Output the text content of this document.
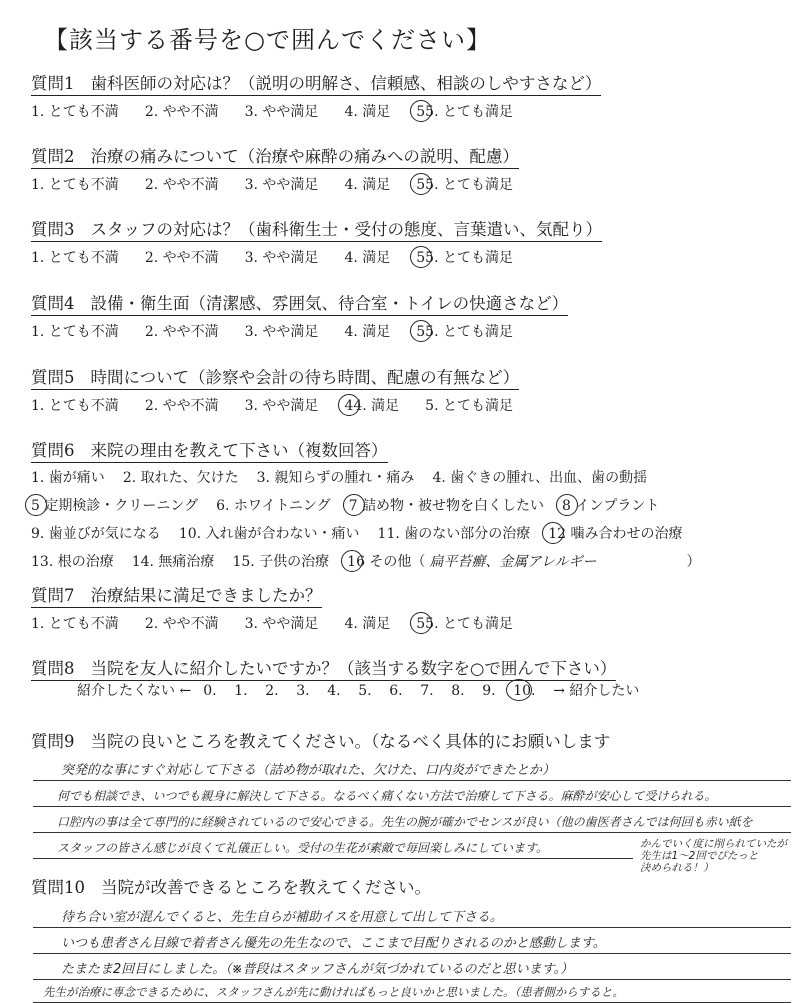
【該当する番号を○で囲んでください】
質問1 歯科医師の対応は？（説明の明解さ、信頼感、相談のしやすさなど）
1. とても不満 2. やや不満 3. やや満足 4. 満足 55. とても満足
質問2 治療の痛みについて（治療や麻酔の痛みへの説明、配慮）
1. とても不満 2. やや不満 3. やや満足 4. 満足 55. とても満足
質問3 スタッフの対応は？（歯科衛生士・受付の態度、言葉遣い、気配り）
1. とても不満 2. やや不満 3. やや満足 4. 満足 55. とても満足
質問4 設備・衛生面（清潔感、雰囲気、待合室・トイレの快適さなど）
1. とても不満 2. やや不満 3. やや満足 4. 満足 55. とても満足
質問5 時間について（診察や会計の待ち時間、配慮の有無など）
1. とても不満 2. やや不満 3. やや満足 44. 満足 5. とても満足
質問6 来院の理由を教えて下さい（複数回答）
1. 歯が痛い 2. 取れた、欠けた 3. 親知らずの腫れ・痛み 4. 歯ぐきの腫れ、出血、歯の動揺
5 定期検診・クリーニング 6. ホワイトニング 7 詰め物・被せ物を白くしたい 8 インプラント
9. 歯並びが気になる 10. 入れ歯が合わない・痛い 11. 歯のない部分の治療 12 噛み合わせの治療
13. 根の治療 14. 無痛治療 15. 子供の治療 16 その他（ 扁平苔癬、金属アレルギー	）
質問7 治療結果に満足できましたか？
1. とても不満 2. やや不満 3. やや満足 4. 満足 55. とても満足
質問8 当院を友人に紹介したいですか？（該当する数字を○で囲んで下さい）
紹介したくない ← 0. 1. 2. 3. 4. 5. 6. 7. 8. 9. 10. → 紹介したい
質問9 当院の良いところを教えてください。（なるべく具体的にお願いします
突発的な事にすぐ対応して下さる（詰め物が取れた、欠けた、口内炎ができたとか）
何でも相談でき、いつでも親身に解決して下さる。なるべく痛くない方法で治療して下さる。麻酔が安心して受けられる。
口腔内の事は全て専門的に経験されているので安心できる。先生の腕が確かでセンスが良い（他の歯医者さんでは何回も赤い紙を
スタッフの皆さん感じが良くて礼儀正しい。受付の生花が素敵で毎回楽しみにしています。	かんでいく度に削られていたが
先生は1〜2回でぴたっと
決められる！）
質問10 当院が改善できるところを教えてください。
待ち合い室が混んでくると、先生自らが補助イスを用意して出して下さる。
いつも患者さん目線で着者さん優先の先生なので、ここまで目配りされるのかと感動します。
たまたま2回目にしました。（※普段はスタッフさんが気づかれているのだと思います。）
先生が治療に専念できるために、スタッフさんが先に動ければもっと良いかと思いました。（患者側からすると。
